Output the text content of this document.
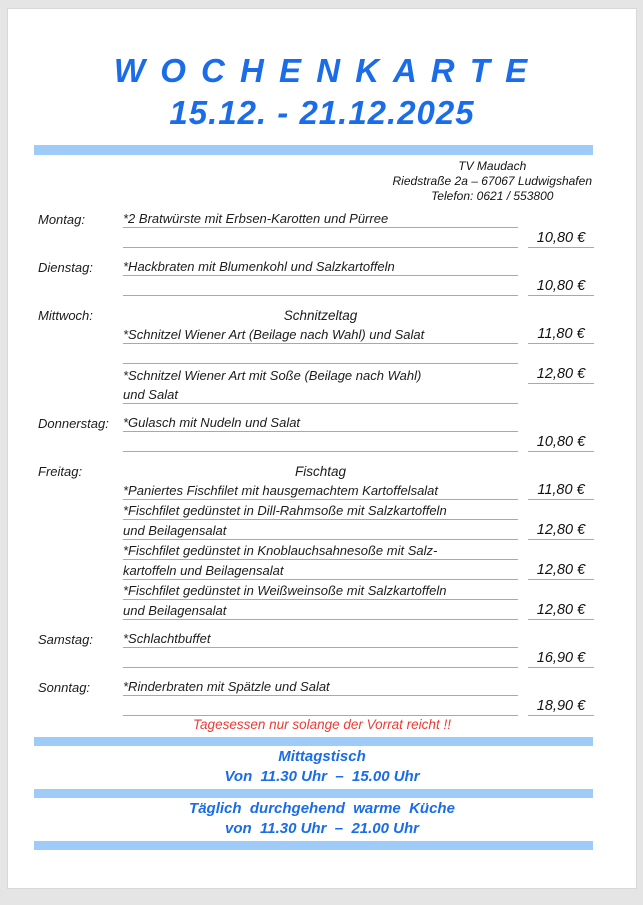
W O C H E N K A R T E
15.12. - 21.12.2025
TV Maudach
Riedstraße 2a – 67067 Ludwigshafen
Telefon: 0621 / 553800
Montag:	*2 Bratwürste mit Erbsen-Karotten und Pürree
10,80 €
Dienstag:	*Hackbraten mit Blumenkohl und Salzkartoffeln
10,80 €
Mittwoch:	Schnitzeltag
*Schnitzel Wiener Art (Beilage nach Wahl) und Salat	11,80 €
*Schnitzel Wiener Art mit Soße (Beilage nach Wahl)	12,80 €
und Salat
Donnerstag:	*Gulasch mit Nudeln und Salat
10,80 €
Freitag:	Fischtag
*Paniertes Fischfilet mit hausgemachtem Kartoffelsalat	11,80 €
*Fischfilet gedünstet in Dill-Rahmsoße mit Salzkartoffeln
und Beilagensalat	12,80 €
*Fischfilet gedünstet in Knoblauchsahnesoße mit Salz-
kartoffeln und Beilagensalat	12,80 €
*Fischfilet gedünstet in Weißweinsoße mit Salzkartoffeln
und Beilagensalat	12,80 €
Samstag:	*Schlachtbuffet
16,90 €
Sonntag:	*Rinderbraten mit Spätzle und Salat
18,90 €
Tagesessen nur solange der Vorrat reicht !!
Mittagstisch
Von  11.30 Uhr  –  15.00 Uhr
Täglich  durchgehend  warme  Küche
von  11.30 Uhr  –  21.00 Uhr
